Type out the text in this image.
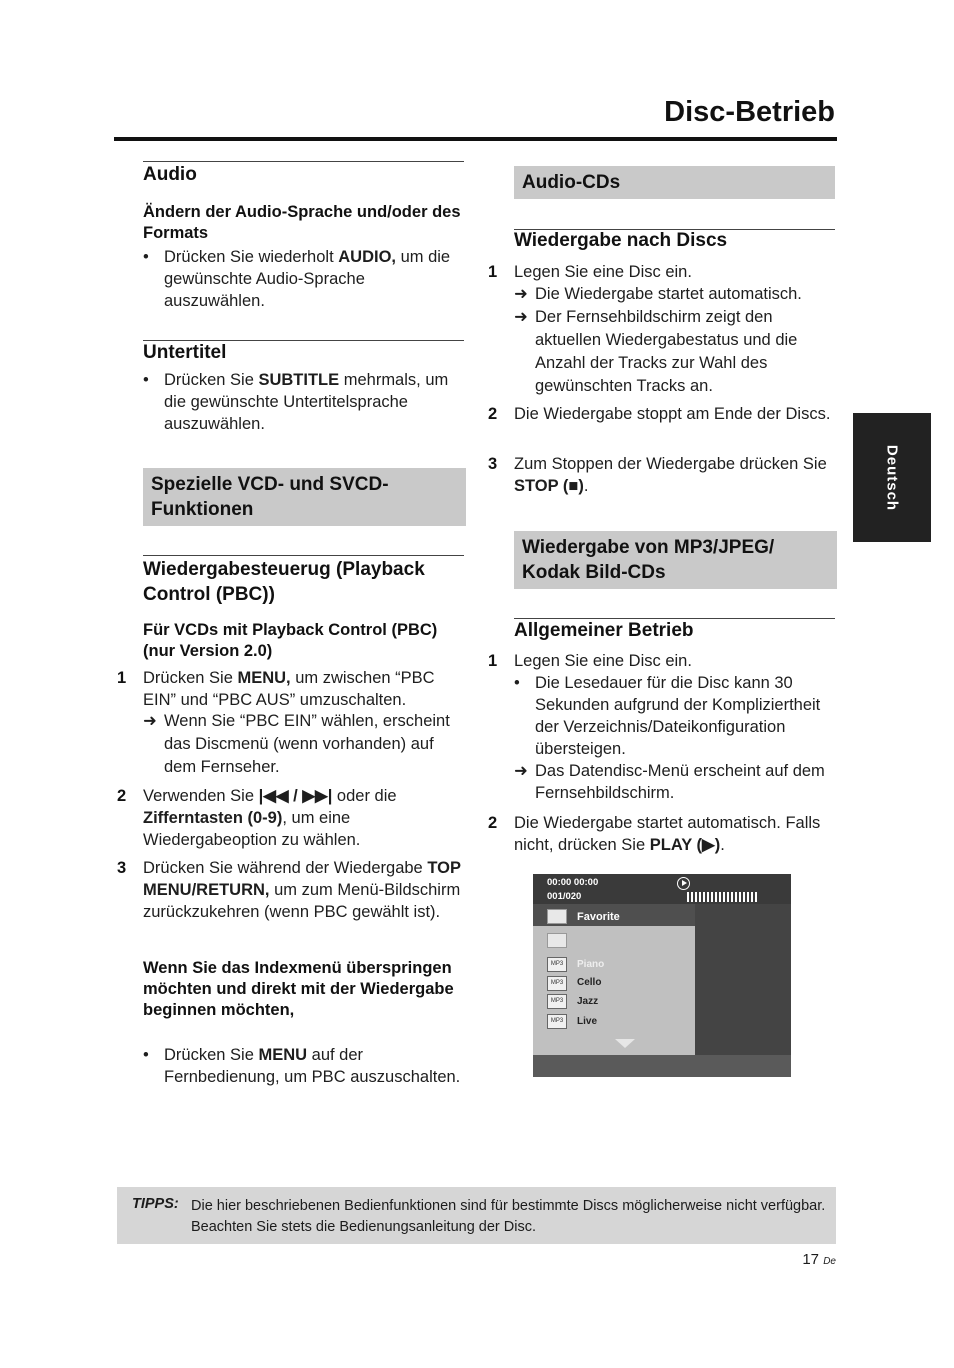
Disc-Betrieb
Deutsch
Audio
Ändern der Audio-Sprache und/oder des Formats
• Drücken Sie wiederholt AUDIO, um die gewünschte Audio-Sprache auszuwählen.
Untertitel
• Drücken Sie SUBTITLE mehrmals, um die gewünschte Untertitelsprache auszuwählen.
Spezielle VCD- und SVCD-Funktionen
Wiedergabesteuerug (Playback Control (PBC))
Für VCDs mit Playback Control (PBC) (nur Version 2.0)
1	Drücken Sie MENU, um zwischen “PBC EIN” und “PBC AUS” umzuschalten.
➜ Wenn Sie “PBC EIN” wählen, erscheint das Discmenü (wenn vorhanden) auf dem Fernseher.
2	Verwenden Sie |◀◀ / ▶▶| oder die Zifferntasten (0-9), um eine Wiedergabeoption zu wählen.
3	Drücken Sie während der Wiedergabe TOP MENU/RETURN, um zum Menü-Bildschirm zurückzukehren (wenn PBC gewählt ist).
Wenn Sie das Indexmenü überspringen möchten und direkt mit der Wiedergabe beginnen möchten,
• Drücken Sie MENU auf der Fernbedienung, um PBC auszuschalten.
Audio-CDs
Wiedergabe nach Discs
1	Legen Sie eine Disc ein.
➜ Die Wiedergabe startet automatisch.
➜ Der Fernsehbildschirm zeigt den aktuellen Wiedergabestatus und die Anzahl der Tracks zur Wahl des gewünschten Tracks an.
2	Die Wiedergabe stoppt am Ende der Discs.
3	Zum Stoppen der Wiedergabe drücken Sie STOP (■).
Wiedergabe von MP3/JPEG/ Kodak Bild-CDs
Allgemeiner Betrieb
1	Legen Sie eine Disc ein.
• Die Lesedauer für die Disc kann 30 Sekunden aufgrund der Kompliziertheit der Verzeichnis/Dateikonfiguration übersteigen.
➜ Das Datendisc-Menü erscheint auf dem Fernsehbildschirm.
2	Die Wiedergabe startet automatisch. Falls nicht, drücken Sie PLAY (▶).
00:00 00:00
001/020
Favorite
MP3	Piano
MP3	Cello
MP3	Jazz
MP3	Live
TIPPS: Die hier beschriebenen Bedienfunktionen sind für bestimmte Discs möglicherweise nicht verfügbar. Beachten Sie stets die Bedienungsanleitung der Disc.
17 De
